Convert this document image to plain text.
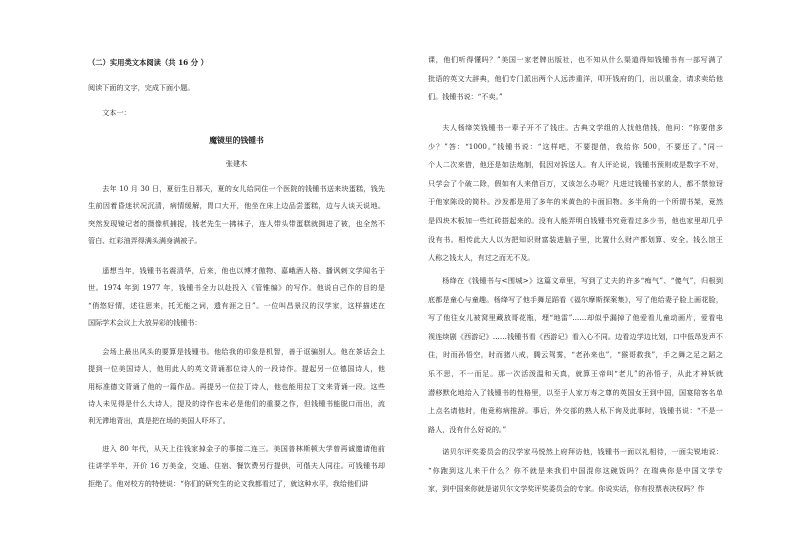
（二）实用类文本阅读（共 16 分 ）
阅读下面的文字，完成下面小题。
文本一：
魔镜里的钱锺书
张建木
去年 10 月 30 日，夏衍生日那天，夏的女儿给同住一个医院的钱锺书送来块蛋糕，钱先
生前因着昏迷状况沉清，病情缓解，胃口大开，他坐在床上边品尝蛋糕，边与人谈天说地。
突然发现镜记者的摄像机捕捉，钱老先生一拂袜子，连人带头带蛋糕就拥进了被，也全然不
管白、红彩油弄得满头满身满被子。
遥想当年，钱锺书名震清华，后来，他也以博才傲物、嘉峨酒人格、播讽刺文学闻名于
世。1974 年到 1977 年，钱锺书全力以赴投入《管锥编》的写作。他说自己作的目的是
“俏悠好情，述往思来，托无能之词，遗有涯之日”。一位叫昌景汉的汉学家，这样描述在
国际学术会议上大放异彩的钱锺书：
会场上最出风头的要算是钱锺书。他给我的印象是机智，善于诓骗别人。他在茶话会上
提到一位美国诗人，他用此人的英文背诵那位诗人的一段诗作。提起另一位德国诗人，他
用标准德文背诵了他的一篇作品。再提另一位拉丁诗人，他也能用拉丁文来背诵一段。这些
诗人未见得是什么大诗人，提及的诗作也未必是他们的重要之作，但钱锺书能脱口而出，流
利无滞地背出，真是把在场的美国人吓坏了。
进入 80 年代，从天上往钱家掉金子的事接二连三。美国普林斯顿大学曾再诚邀请他前
往讲学半年，开价 16 万美金，交通、住宿、餐饮费另行提供，可偕夫人同往。可钱锺书却
拒绝了。他对校方的特使说：“你们的研究生的论文我都看过了，就这种水平，我给他们讲
课，他们听得懂吗？”美国一家老牌出版社，也不知从什么渠道得知钱锺书有一部写满了
批语的英文大辞典，他们专门派出两个人远涉重洋，叩开钱府的门，出以重金，请求卖给他
们。钱锺书说：“不卖。”
夫人杨绛笑钱锺书一辈子开不了钱庄。古典文学组的人找他借钱，他问：“你要借多
少？”答：“1000。”钱锺书说：“这样吧，不要提借，我给你 500，不要还了。”同一
个人二次来借，他还是如法炮制，侃因对拆送人。有人评论说，钱锺书预则或是数字不对，
只学会了个破二除，假如有人来借百万，又该怎么办呢？凡进过钱锺书家的人，都不禁惊讶
于他家陈设的简朴。沙发都是用了多年的米黄色的卡面旧物。多半角的一个所谓书架，竟然
是四块木板加一些红砖搭起来的。没有人能弄明白钱锺书究竟看过多少书，他也家里却几乎
没有书。相传此大人以为把知识财富装进脑子里，比置什么财产都划算、安全。钱么馆王
人称之钱太人，有过之而无不及。
杨绛在《钱锺书与<围城>》这篇文章里，写到了丈夫的许多“痴气”、“傻气”，归根到
底都是童心与童趣。杨绛写了他手舞足蹈看《福尔摩斯探案集》，写了他给妻子脸上画花脸，
写了他往女儿被窝里藏放哥花瓶，埋“地雷”……却似乎漏掉了他爱看儿童动画片，爱看电
视连续剧《西游记》……钱锺书看《西游记》看入心不同。边看边学边比划，口中低昂发声不
住，时而孙悟空，时而猪八戒，腾云驾雾，“老孙来也”，“猴哥救我”，手之舞之足之蹈之
乐不思，不一而足。那一次活泼温和天真，就算王帝叫“老儿”的孙悟子，从此才神妖就
潜移默化地给入了钱锺书的性格里，以至于人家万寿之尊的英国女王到中国，国宴陪客名单
上点名请他时，他竟称病推辞。事后，外交部的熟人私下询及此事时，钱锺书说：“不是一
路人，没有什么好说的。”
诺贝尔评奖委员会的汉学家马悦然上府拜访他，钱锺书一面以礼相待，一面尖锐地说：
“你跑到这儿来干什么？你不就是来我们中国混你这碗饭吗？在瑞典你是中国文学专
家，到中国来你就是诺贝尔文学奖评奖委员会的专家。你说实话，你有投票表决权吗？作
